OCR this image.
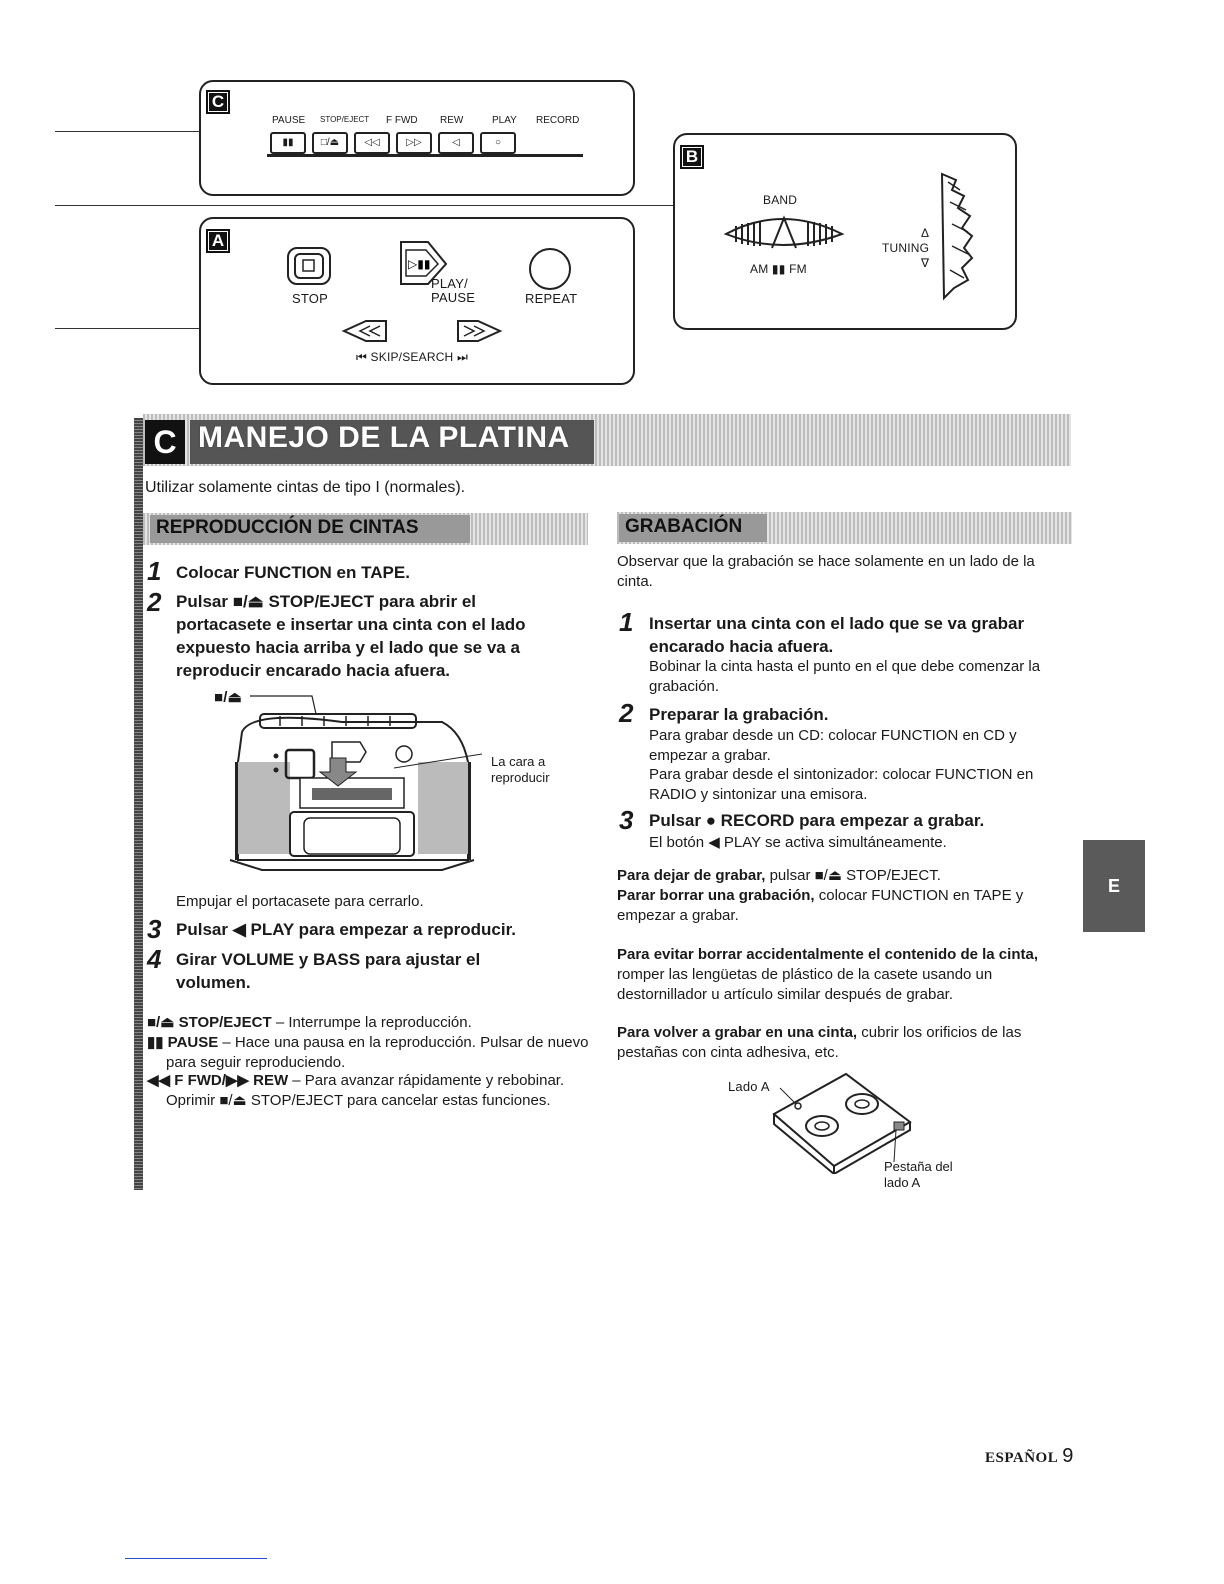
C
PAUSE	STOP/EJECT	F FWD	REW	PLAY	RECORD
▮▮	□/⏏	◁◁	▷▷	◁	○
A
STOP
▷▮▮
PLAY/
PAUSE	REPEAT
⏮ SKIP/SEARCH ⏭
B
BAND
AM ▮▮ FM
Δ
TUNING
∇
C MANEJO DE LA PLATINA
Utilizar solamente cintas de tipo I (normales).
REPRODUCCIÓN DE CINTAS
1 Colocar FUNCTION en TAPE.
2 Pulsar ■/⏏ STOP/EJECT para abrir el portacasete e insertar una cinta con el lado expuesto hacia arriba y el lado que se va a reproducir encarado hacia afuera.
■/⏏
La cara a reproducir
Empujar el portacasete para cerrarlo.
3 Pulsar ◀ PLAY para empezar a reproducir.
4 Girar VOLUME y BASS para ajustar el volumen.
■/⏏ STOP/EJECT – Interrumpe la reproducción.
▮▮ PAUSE – Hace una pausa en la reproducción. Pulsar de nuevo para seguir reproduciendo.
◀◀ F FWD/▶▶ REW – Para avanzar rápidamente y rebobinar. Oprimir ■/⏏ STOP/EJECT para cancelar estas funciones.
GRABACIÓN
Observar que la grabación se hace solamente en un lado de la cinta.
1 Insertar una cinta con el lado que se va grabar encarado hacia afuera.
Bobinar la cinta hasta el punto en el que debe comenzar la grabación.
2 Preparar la grabación.
Para grabar desde un CD: colocar FUNCTION en CD y empezar a grabar.
Para grabar desde el sintonizador: colocar FUNCTION en RADIO y sintonizar una emisora.
3 Pulsar ● RECORD para empezar a grabar.
El botón ◀ PLAY se activa simultáneamente.
Para dejar de grabar, pulsar ■/⏏ STOP/EJECT.
Parar borrar una grabación, colocar FUNCTION en TAPE y empezar a grabar.
Para evitar borrar accidentalmente el contenido de la cinta, romper las lengüetas de plástico de la casete usando un destornillador u artículo similar después de grabar.
Para volver a grabar en una cinta, cubrir los orificios de las pestañas con cinta adhesiva, etc.
Lado A
Pestaña del lado A
E
ESPAÑOL 9
